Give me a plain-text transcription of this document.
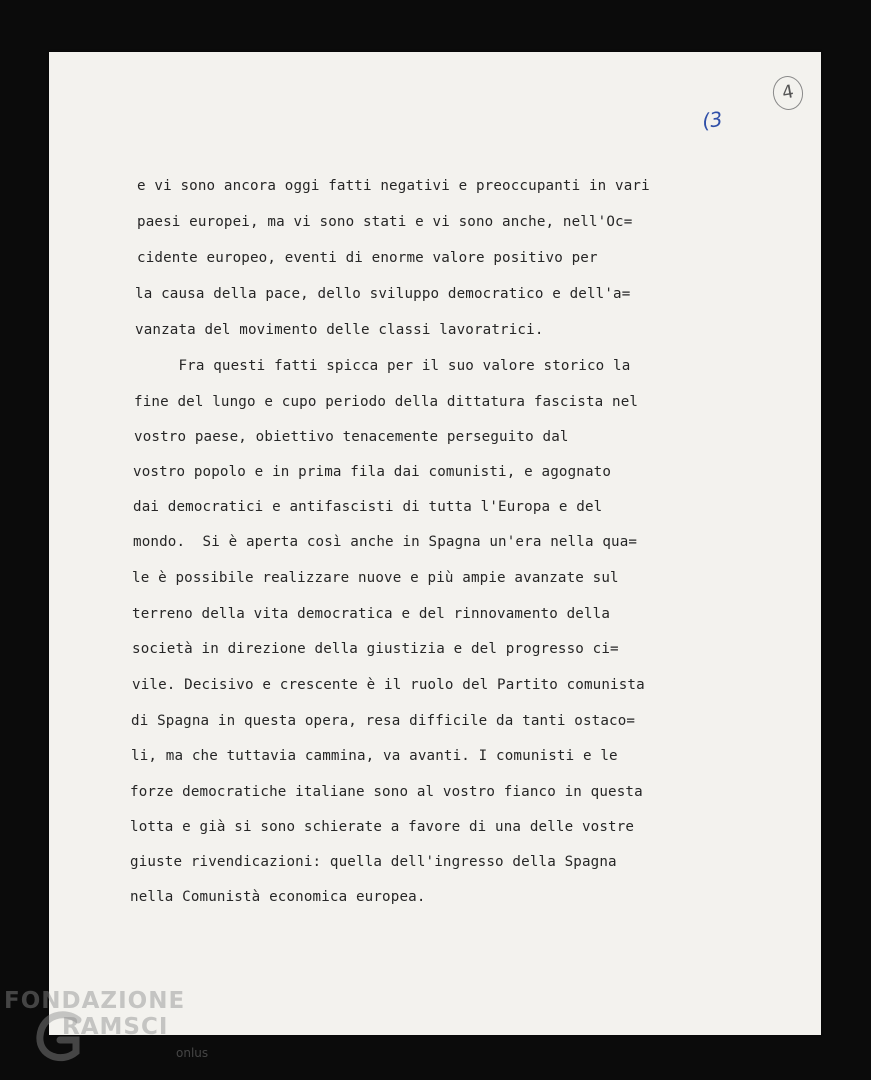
(3
4
e vi sono ancora oggi fatti negativi e preoccupanti in vari
paesi europei, ma vi sono stati e vi sono anche, nell'Oc=
cidente europeo, eventi di enorme valore positivo per
la causa della pace, dello sviluppo democratico e dell'a=
vanzata del movimento delle classi lavoratrici.
Fra questi fatti spicca per il suo valore storico la
fine del lungo e cupo periodo della dittatura fascista nel
vostro paese, obiettivo tenacemente perseguito dal
vostro popolo e in prima fila dai comunisti, e agognato
dai democratici e antifascisti di tutta l'Europa e del
mondo.  Si è aperta così anche in Spagna un'era nella qua=
le è possibile realizzare nuove e più ampie avanzate sul
terreno della vita democratica e del rinnovamento della
società in direzione della giustizia e del progresso ci=
vile. Decisivo e crescente è il ruolo del Partito comunista
di Spagna in questa opera, resa difficile da tanti ostaco=
li, ma che tuttavia cammina, va avanti. I comunisti e le
forze democratiche italiane sono al vostro fianco in questa
lotta e già si sono schierate a favore di una delle vostre
giuste rivendicazioni: quella dell'ingresso della Spagna
nella Comunistà economica europea.
FONDAZIONE
RAMSCI
onlus
